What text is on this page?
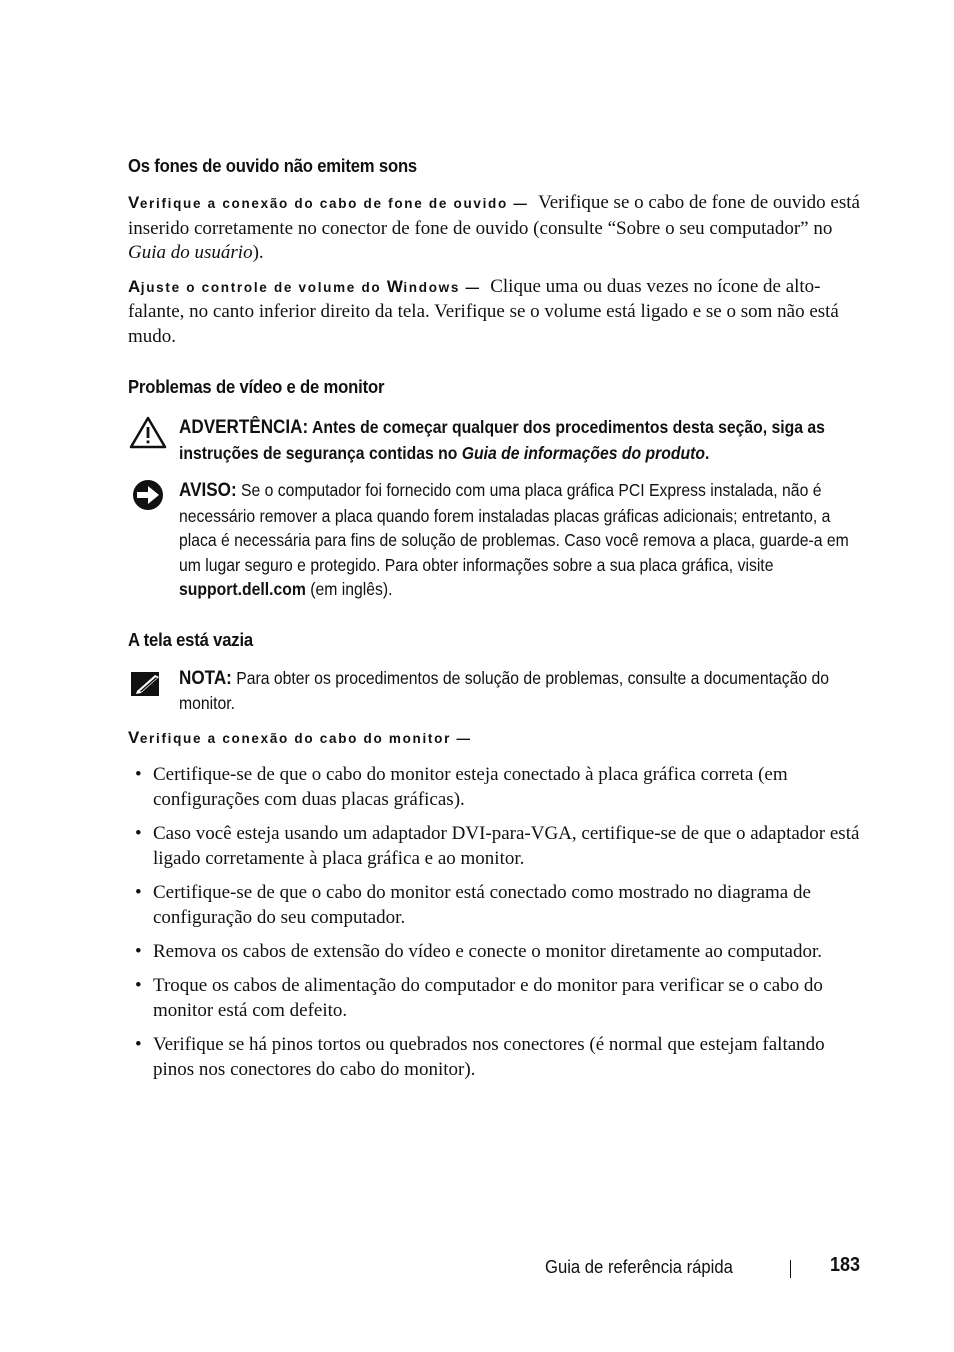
Os fones de ouvido não emitem sons

Verifique a conexão do cabo de fone de ouvido — Verifique se o cabo de fone de ouvido está inserido corretamente no conector de fone de ouvido (consulte “Sobre o seu computador” no Guia do usuário).

Ajuste o controle de volume do Windows — Clique uma ou duas vezes no ícone de alto-falante, no canto inferior direito da tela. Verifique se o volume está ligado e se o som não está mudo.

Problemas de vídeo e de monitor
ADVERTÊNCIA: Antes de começar qualquer dos procedimentos desta seção, siga as instruções de segurança contidas no Guia de informações do produto.
AVISO: Se o computador foi fornecido com uma placa gráfica PCI Express instalada, não é necessário remover a placa quando forem instaladas placas gráficas adicionais; entretanto, a placa é necessária para fins de solução de problemas. Caso você remova a placa, guarde-a em um lugar seguro e protegido. Para obter informações sobre a sua placa gráfica, visite support.dell.com (em inglês).
A tela está vazia
NOTA: Para obter os procedimentos de solução de problemas, consulte a documentação do monitor.

Verifique a conexão do cabo do monitor —

• Certifique-se de que o cabo do monitor esteja conectado à placa gráfica correta (em configurações com duas placas gráficas).
• Caso você esteja usando um adaptador DVI-para-VGA, certifique-se de que o adaptador está ligado corretamente à placa gráfica e ao monitor.
• Certifique-se de que o cabo do monitor está conectado como mostrado no diagrama de configuração do seu computador.
• Remova os cabos de extensão do vídeo e conecte o monitor diretamente ao computador.
• Troque os cabos de alimentação do computador e do monitor para verificar se o cabo do monitor está com defeito.
• Verifique se há pinos tortos ou quebrados nos conectores (é normal que estejam faltando pinos nos conectores do cabo do monitor).
Guia de referência rápida	183
